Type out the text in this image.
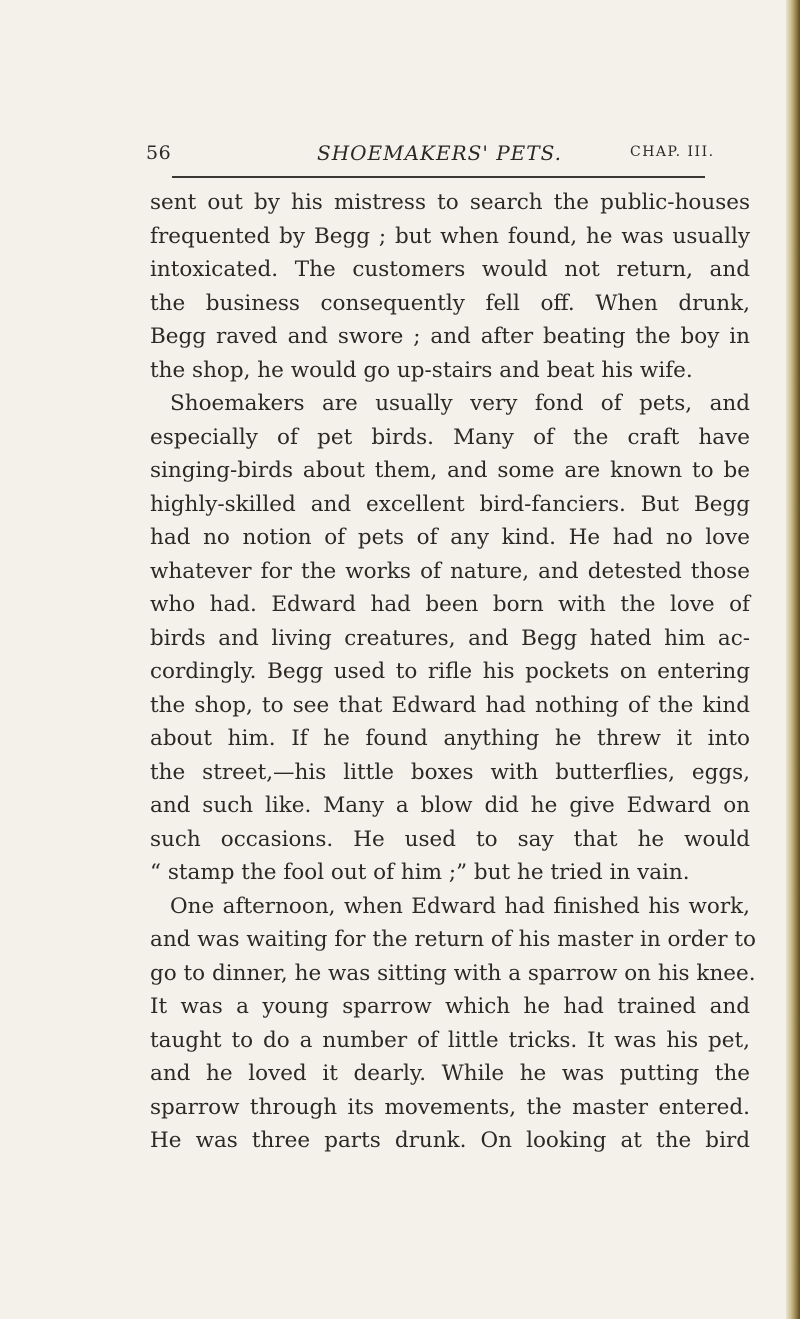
56	SHOEMAKERS' PETS.	CHAP. III.
sent out by his mistress to search the public-houses
frequented by Begg ; but when found, he was usually
intoxicated. The customers would not return, and
the business consequently fell off. When drunk,
Begg raved and swore ; and after beating the boy in
the shop, he would go up-stairs and beat his wife.
Shoemakers are usually very fond of pets, and
especially of pet birds. Many of the craft have
singing-birds about them, and some are known to be
highly-skilled and excellent bird-fanciers. But Begg
had no notion of pets of any kind. He had no love
whatever for the works of nature, and detested those
who had. Edward had been born with the love of
birds and living creatures, and Begg hated him ac-
cordingly. Begg used to rifle his pockets on entering
the shop, to see that Edward had nothing of the kind
about him. If he found anything he threw it into
the street,—his little boxes with butterflies, eggs,
and such like. Many a blow did he give Edward on
such occasions. He used to say that he would
“ stamp the fool out of him ;” but he tried in vain.
One afternoon, when Edward had finished his work,
and was waiting for the return of his master in order to
go to dinner, he was sitting with a sparrow on his knee.
It was a young sparrow which he had trained and
taught to do a number of little tricks. It was his pet,
and he loved it dearly. While he was putting the
sparrow through its movements, the master entered.
He was three parts drunk. On looking at the bird
